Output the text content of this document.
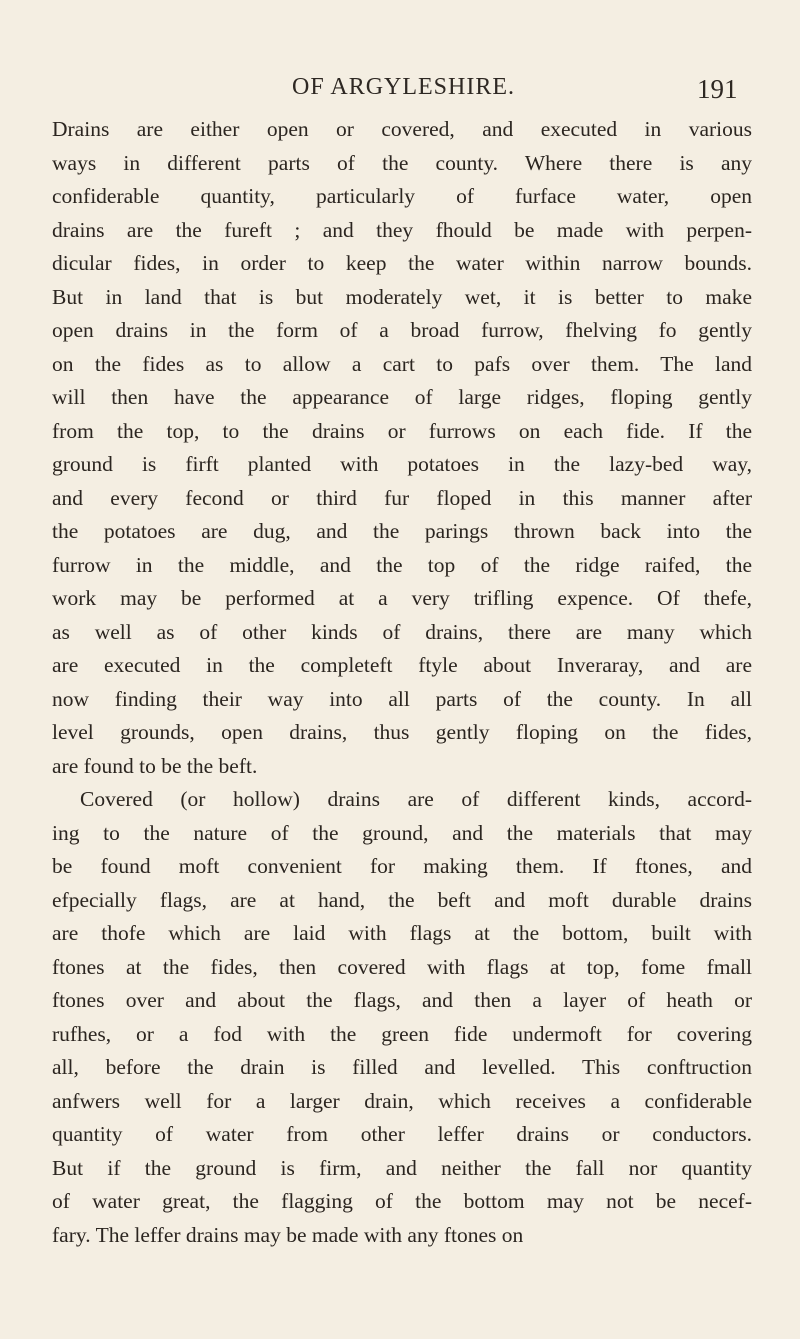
OF ARGYLESHIRE.	191

Drains are either open or covered, and executed in various
ways in different parts of the county. Where there is any
confiderable quantity, particularly of furface water, open
drains are the fureft ; and they fhould be made with perpen-
dicular fides, in order to keep the water within narrow bounds.
But in land that is but moderately wet, it is better to make
open drains in the form of a broad furrow, fhelving fo gently
on the fides as to allow a cart to pafs over them. The land
will then have the appearance of large ridges, floping gently
from the top, to the drains or furrows on each fide. If the
ground is firft planted with potatoes in the lazy-bed way,
and every fecond or third fur floped in this manner after
the potatoes are dug, and the parings thrown back into the
furrow in the middle, and the top of the ridge raifed, the
work may be performed at a very trifling expence. Of thefe,
as well as of other kinds of drains, there are many which
are executed in the completeft ftyle about Inveraray, and are
now finding their way into all parts of the county. In all
level grounds, open drains, thus gently floping on the fides,
are found to be the beft.

Covered (or hollow) drains are of different kinds, accord-
ing to the nature of the ground, and the materials that may
be found moft convenient for making them. If ftones, and
efpecially flags, are at hand, the beft and moft durable drains
are thofe which are laid with flags at the bottom, built with
ftones at the fides, then covered with flags at top, fome fmall
ftones over and about the flags, and then a layer of heath or
rufhes, or a fod with the green fide undermoft for covering
all, before the drain is filled and levelled. This conftruction
anfwers well for a larger drain, which receives a confiderable
quantity of water from other leffer drains or conductors.
But if the ground is firm, and neither the fall nor quantity
of water great, the flagging of the bottom may not be necef-
fary. The leffer drains may be made with any ftones on
